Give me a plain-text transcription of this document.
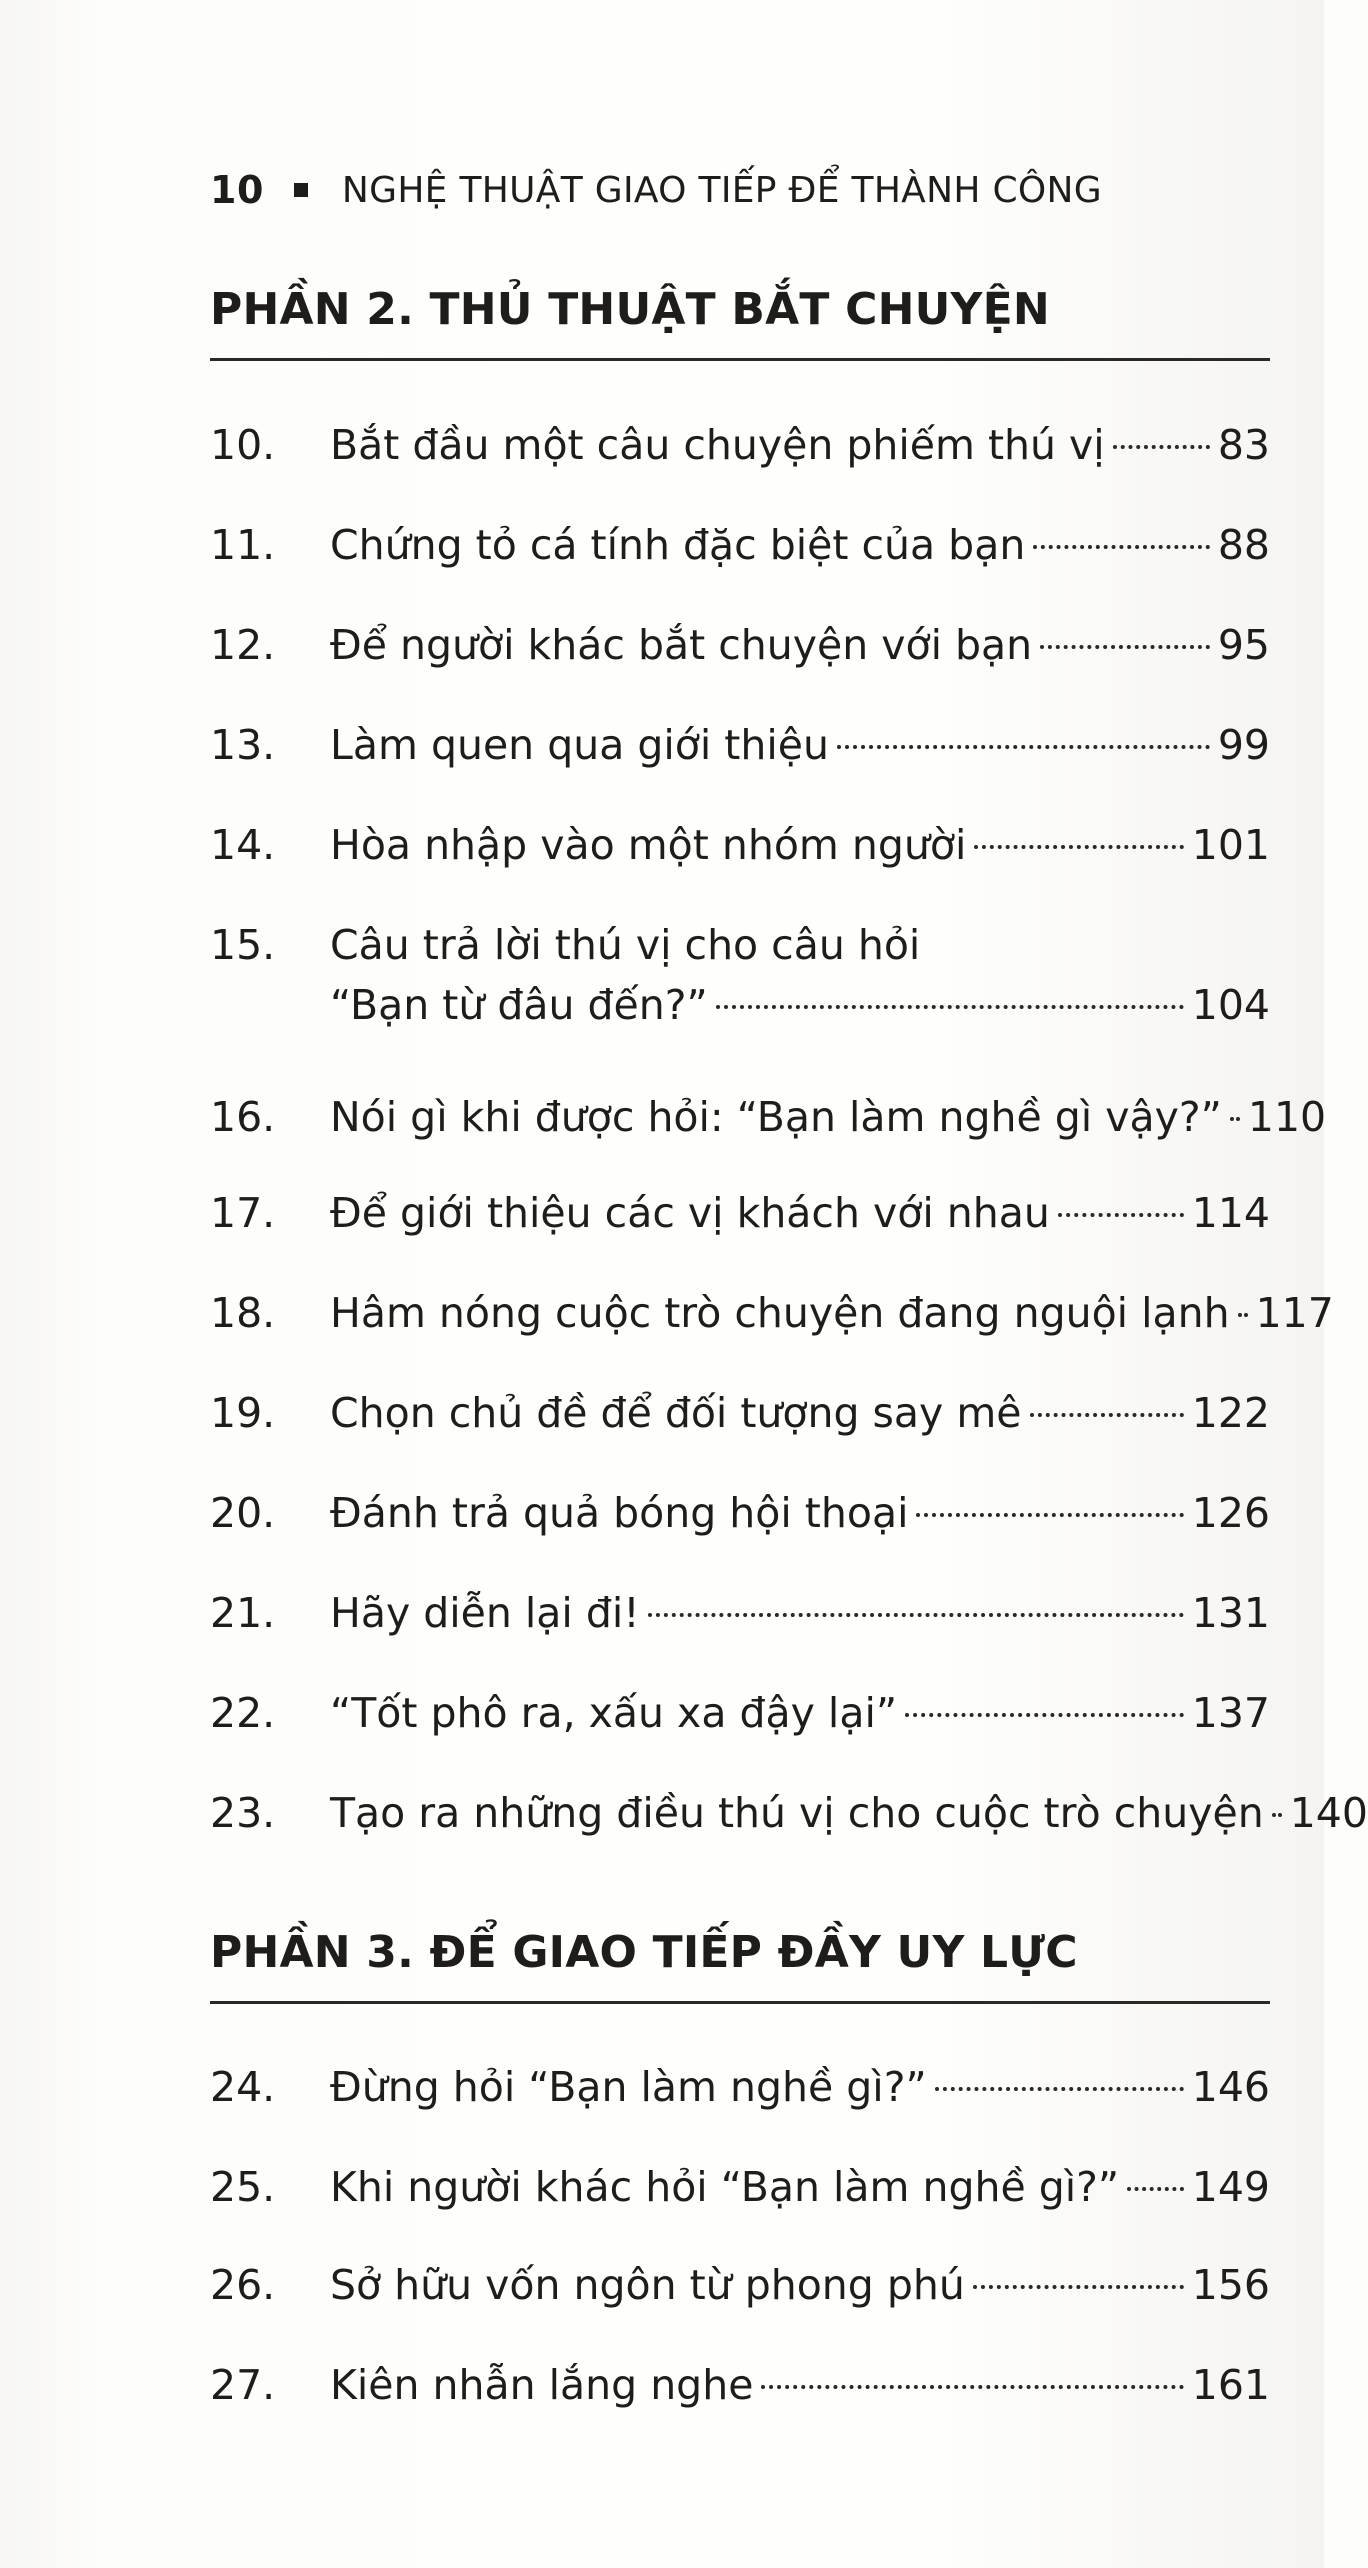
10 NGHỆ THUẬT GIAO TIẾP ĐỂ THÀNH CÔNG
PHẦN 2. THỦ THUẬT BẮT CHUYỆN
10.	Bắt đầu một câu chuyện phiếm thú vị	83
11.	Chứng tỏ cá tính đặc biệt của bạn	88
12.	Để người khác bắt chuyện với bạn	95
13.	Làm quen qua giới thiệu	99
14.	Hòa nhập vào một nhóm người	101
15.	Câu trả lời thú vị cho câu hỏi
“Bạn từ đâu đến?”	104
16.	Nói gì khi được hỏi: “Bạn làm nghề gì vậy?” 110
17.	Để giới thiệu các vị khách với nhau	114
18.	Hâm nóng cuộc trò chuyện đang nguội lạnh 117
19.	Chọn chủ đề để đối tượng say mê	122
20.	Đánh trả quả bóng hội thoại	126
21.	Hãy diễn lại đi!	131
22.	“Tốt phô ra, xấu xa đậy lại”	137
23.	Tạo ra những điều thú vị cho cuộc trò chuyện 140
PHẦN 3. ĐỂ GIAO TIẾP ĐẦY UY LỰC
24.	Đừng hỏi “Bạn làm nghề gì?”	146
25.	Khi người khác hỏi “Bạn làm nghề gì?” 149
26.	Sở hữu vốn ngôn từ phong phú	156
27.	Kiên nhẫn lắng nghe	161
